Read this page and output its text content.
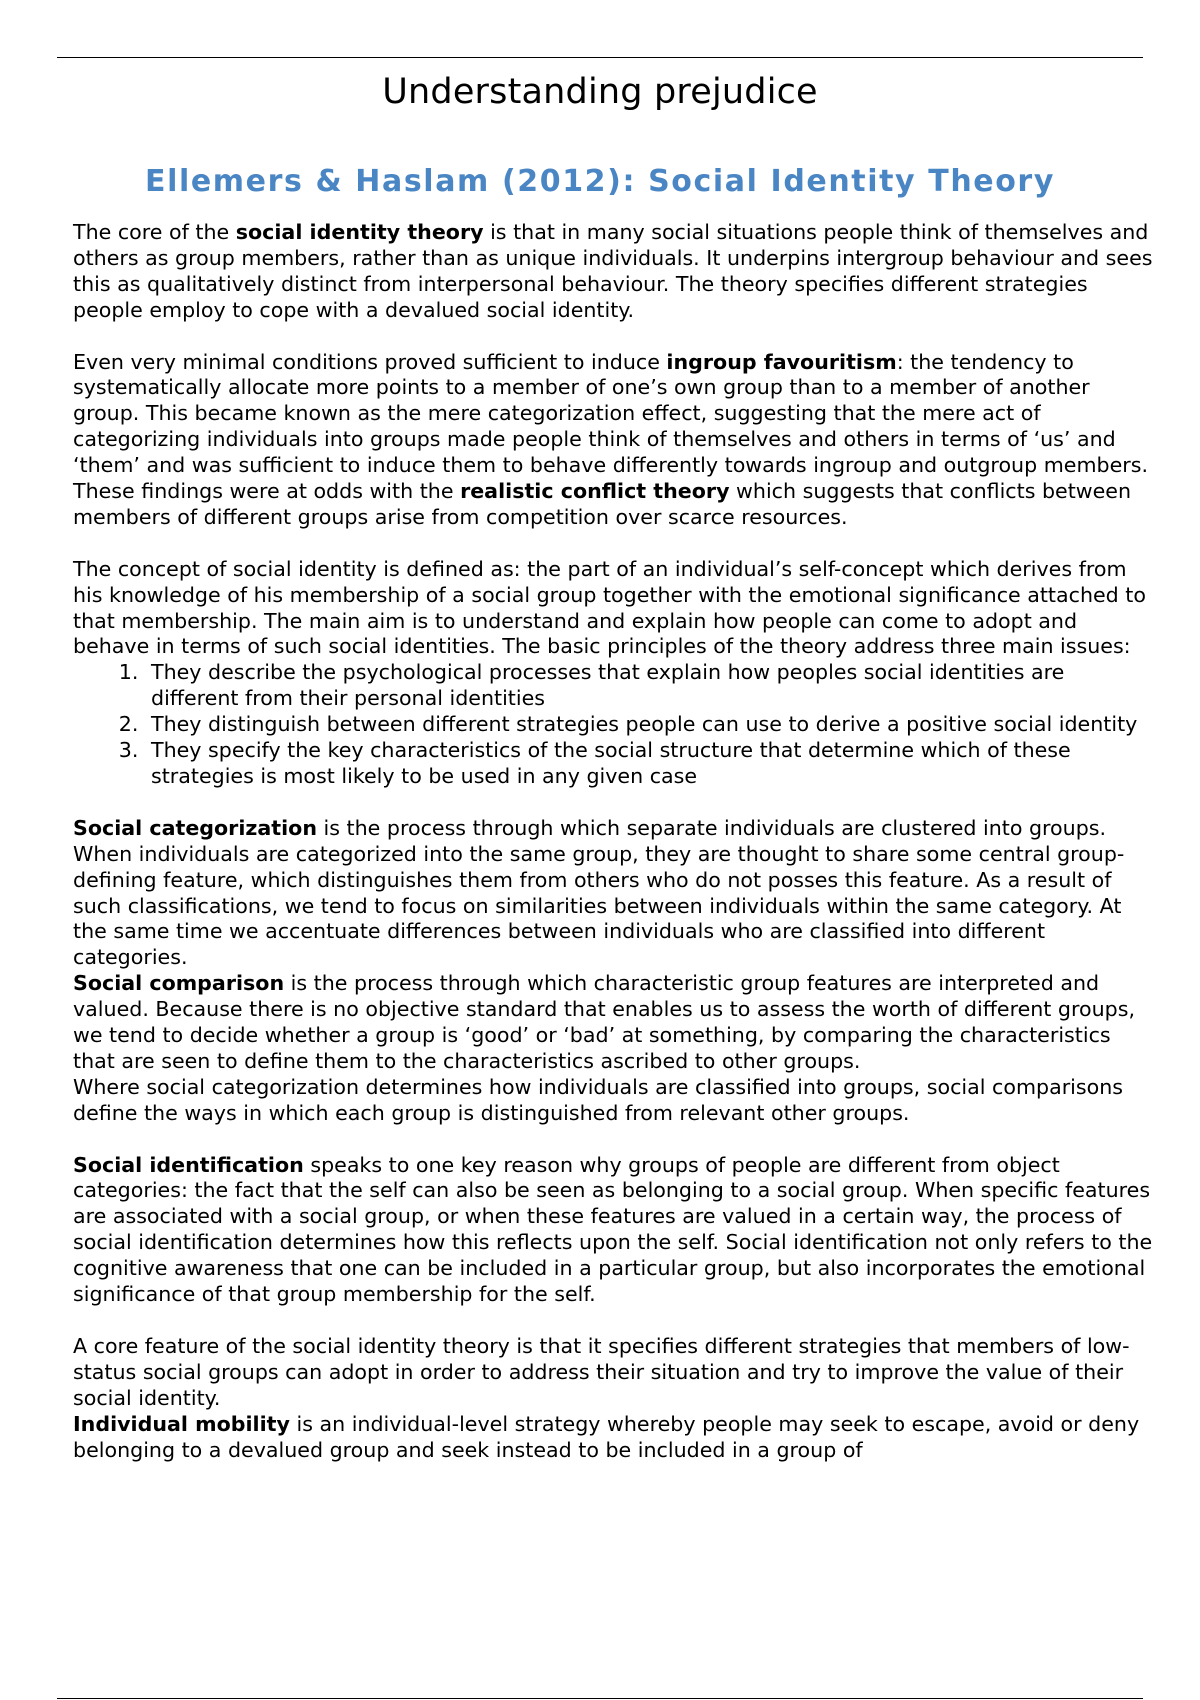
Understanding prejudice
Ellemers & Haslam (2012): Social Identity Theory

The core of the social identity theory is that in many social situations people think of themselves and others as group members, rather than as unique individuals. It underpins intergroup behaviour and sees this as qualitatively distinct from interpersonal behaviour. The theory specifies different strategies people employ to cope with a devalued social identity.

Even very minimal conditions proved sufficient to induce ingroup favouritism: the tendency to systematically allocate more points to a member of one’s own group than to a member of another group. This became known as the mere categorization effect, suggesting that the mere act of categorizing individuals into groups made people think of themselves and others in terms of ‘us’ and ‘them’ and was sufficient to induce them to behave differently towards ingroup and outgroup members.

These findings were at odds with the realistic conflict theory which suggests that conflicts between members of different groups arise from competition over scarce resources.

The concept of social identity is defined as: the part of an individual’s self-concept which derives from his knowledge of his membership of a social group together with the emotional significance attached to that membership. The main aim is to understand and explain how people can come to adopt and behave in terms of such social identities. The basic principles of the theory address three main issues:

1. They describe the psychological processes that explain how peoples social identities are different from their personal identities
2. They distinguish between different strategies people can use to derive a positive social identity
3. They specify the key characteristics of the social structure that determine which of these strategies is most likely to be used in any given case

Social categorization is the process through which separate individuals are clustered into groups. When individuals are categorized into the same group, they are thought to share some central group-defining feature, which distinguishes them from others who do not posses this feature. As a result of such classifications, we tend to focus on similarities between individuals within the same category. At the same time we accentuate differences between individuals who are classified into different categories.

Social comparison is the process through which characteristic group features are interpreted and valued. Because there is no objective standard that enables us to assess the worth of different groups, we tend to decide whether a group is ‘good’ or ‘bad’ at something, by comparing the characteristics that are seen to define them to the characteristics ascribed to other groups.

Where social categorization determines how individuals are classified into groups, social comparisons define the ways in which each group is distinguished from relevant other groups.

Social identification speaks to one key reason why groups of people are different from object categories: the fact that the self can also be seen as belonging to a social group. When specific features are associated with a social group, or when these features are valued in a certain way, the process of social identification determines how this reflects upon the self. Social identification not only refers to the cognitive awareness that one can be included in a particular group, but also incorporates the emotional significance of that group membership for the self.

A core feature of the social identity theory is that it specifies different strategies that members of low-status social groups can adopt in order to address their situation and try to improve the value of their social identity.

Individual mobility is an individual-level strategy whereby people may seek to escape, avoid or deny belonging to a devalued group and seek instead to be included in a group of
